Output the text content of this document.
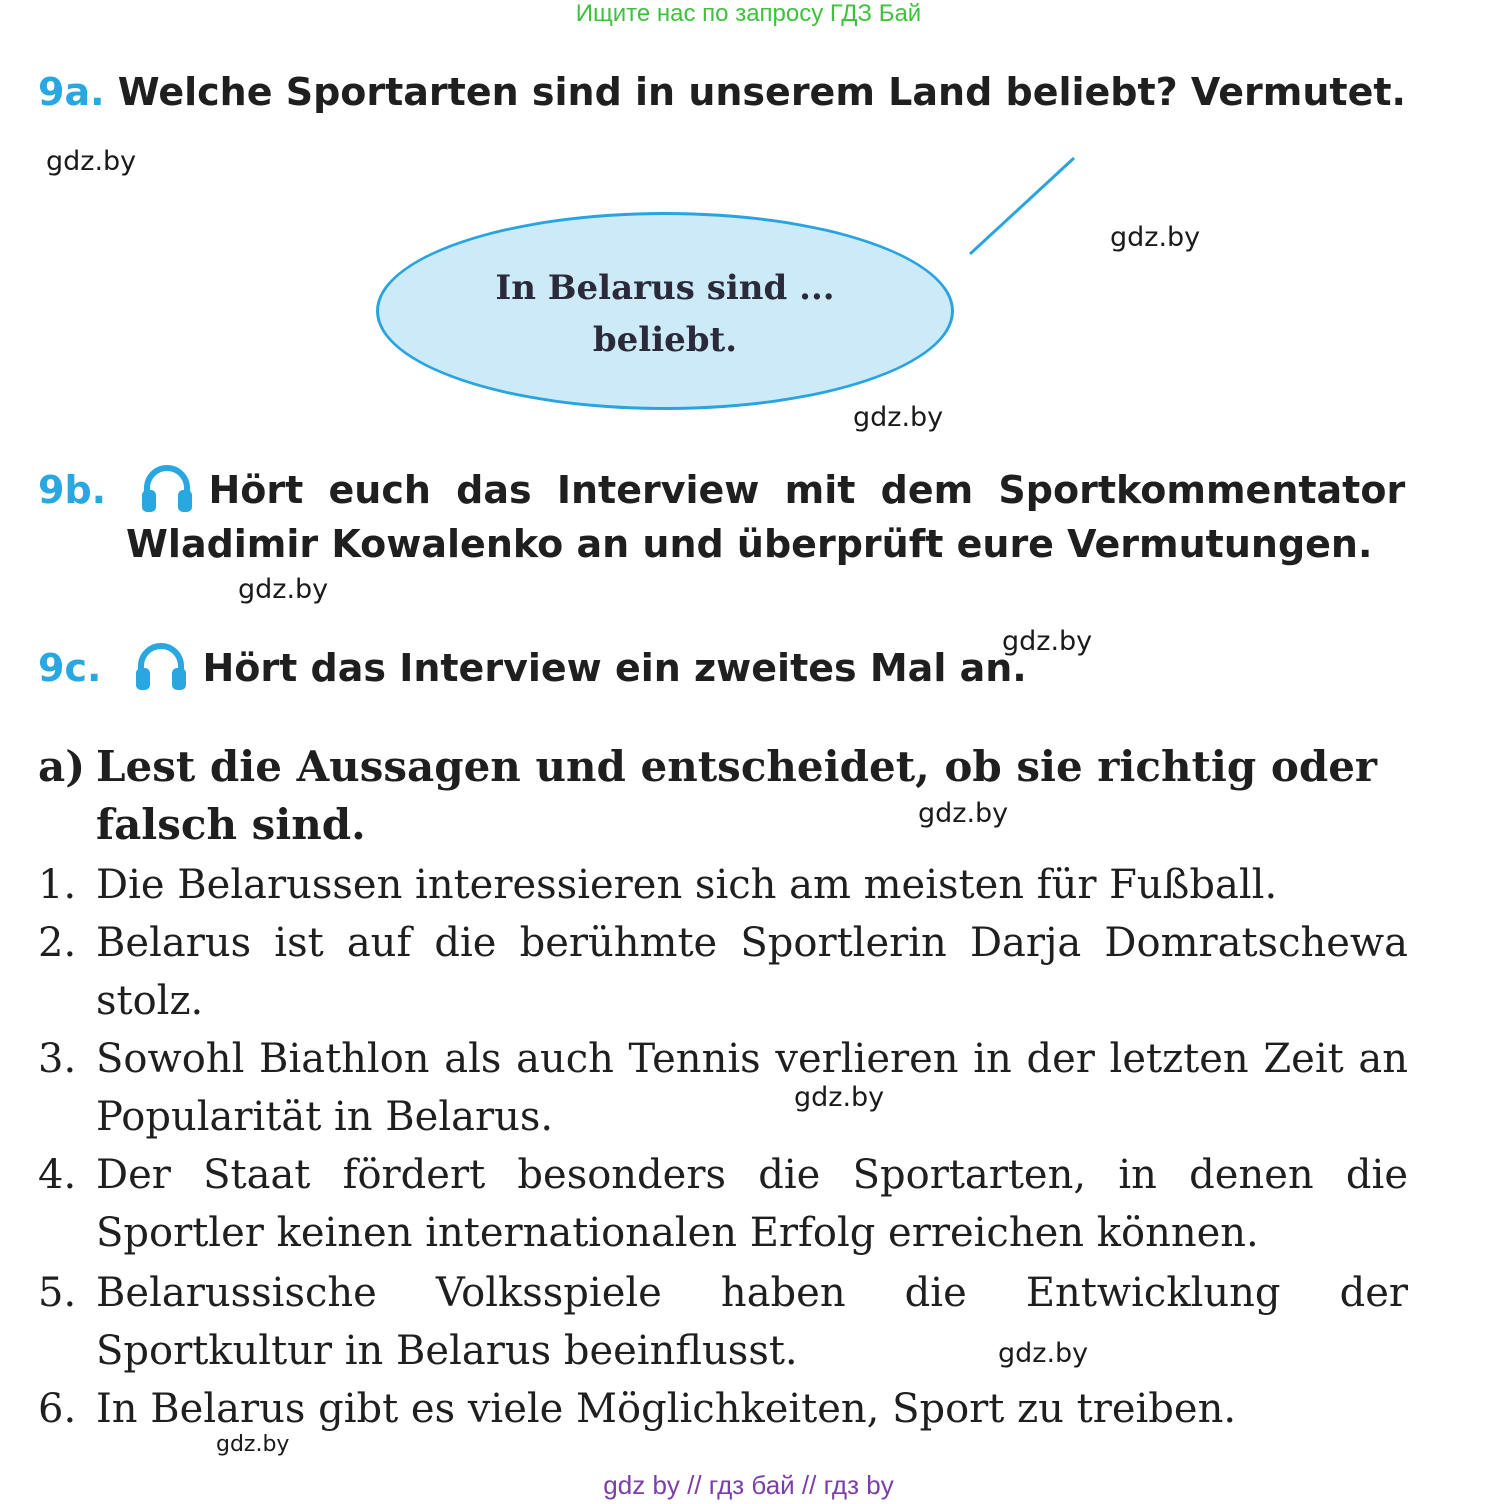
Ищите нас по запросу ГДЗ Бай
9a. Welche Sportarten sind in unserem Land beliebt? Vermutet.
gdz.by
gdz.by
In Belarus sind ...
beliebt.
gdz.by
9b.	Hört euch das Interview mit dem Sportkommentator
Wladimir Kowalenko an und überprüft eure Vermutungen.
gdz.by
gdz.by
9c.	Hört das Interview ein zweites Mal an.
a) Lest die Aussagen und entscheidet, ob sie richtig oder
falsch sind.	gdz.by
1. Die Belarussen interessieren sich am meisten für Fußball.
2. Belarus ist auf die berühmte Sportlerin Darja Domratschewa stolz.
3. Sowohl Biathlon als auch Tennis verlieren in der letzten Zeit an Popularität in Belarus.	gdz.by
4. Der Staat fördert besonders die Sportarten, in denen die Sportler keinen internationalen Erfolg erreichen können.
5. Belarussische Volksspiele haben die Entwicklung der Sportkultur in Belarus beeinflusst.	gdz.by
6. In Belarus gibt es viele Möglichkeiten, Sport zu treiben.
gdz.by
gdz by // гдз бай // гдз by
